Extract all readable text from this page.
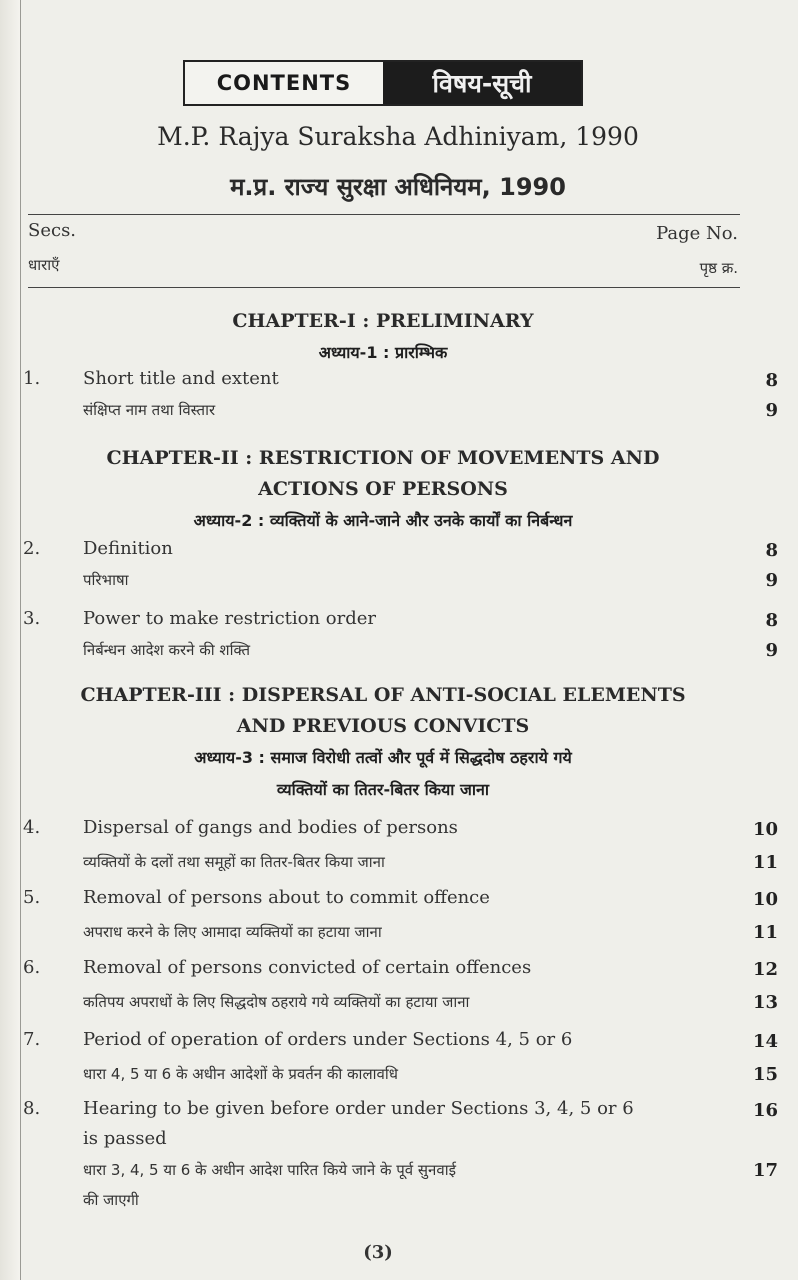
CONTENTS	विषय-सूची
M.P. Rajya Suraksha Adhiniyam, 1990
म.प्र. राज्य सुरक्षा अधिनियम, 1990
Secs.
धाराएँ
Page No.
पृष्ठ क्र.
CHAPTER-I : PRELIMINARY
अध्याय-1 : प्रारम्भिक
CHAPTER-II : RESTRICTION OF MOVEMENTS AND
ACTIONS OF PERSONS
अध्याय-2 : व्यक्तियों के आने-जाने और उनके कार्यों का निर्बन्धन
CHAPTER-III : DISPERSAL OF ANTI-SOCIAL ELEMENTS
AND PREVIOUS CONVICTS
अध्याय-3 : समाज विरोधी तत्वों और पूर्व में सिद्धदोष ठहराये गये
व्यक्तियों का तितर-बितर किया जाना
1. Short title and extent
संक्षिप्त नाम तथा विस्तार
8
9
2. Definition
परिभाषा
8
9
3. Power to make restriction order
निर्बन्धन आदेश करने की शक्ति
8
9
4. Dispersal of gangs and bodies of persons
व्यक्तियों के दलों तथा समूहों का तितर-बितर किया जाना
10
11
5. Removal of persons about to commit offence
अपराध करने के लिए आमादा व्यक्तियों का हटाया जाना
10
11
6. Removal of persons convicted of certain offences
कतिपय अपराधों के लिए सिद्धदोष ठहराये गये व्यक्तियों का हटाया जाना
12
13
7. Period of operation of orders under Sections 4, 5 or 6
धारा 4, 5 या 6 के अधीन आदेशों के प्रवर्तन की कालावधि
14
15
8. Hearing to be given before order under Sections 3, 4, 5 or 6
is passed
धारा 3, 4, 5 या 6 के अधीन आदेश पारित किये जाने के पूर्व सुनवाई
की जाएगी
16
17
(3)
